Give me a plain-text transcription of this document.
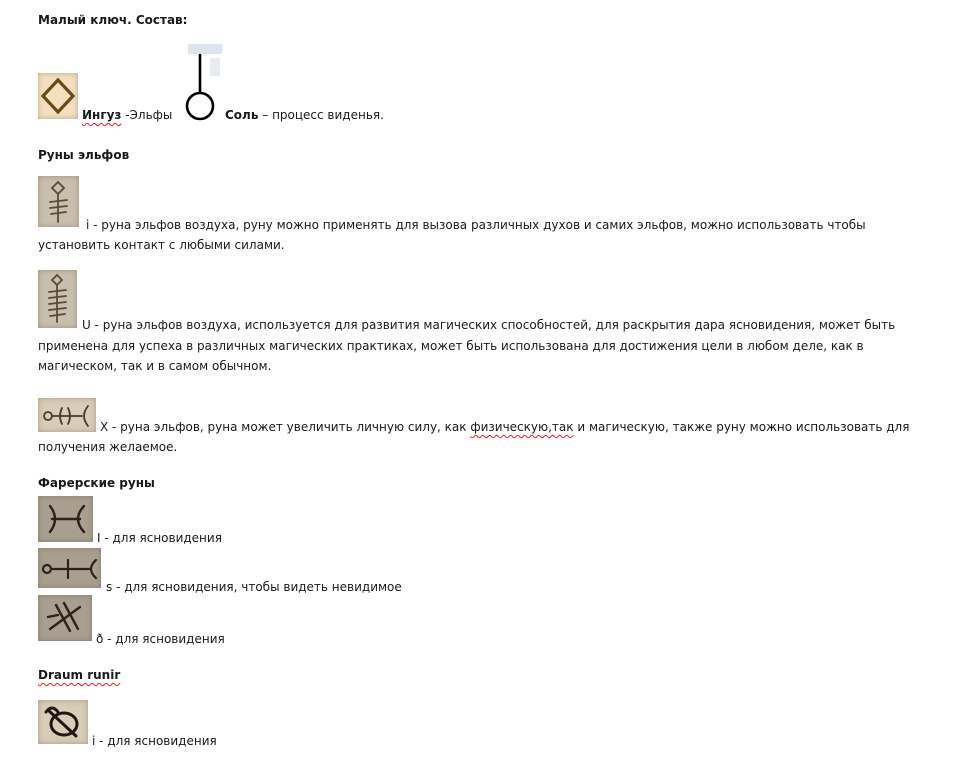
Малый ключ. Состав:
Ингуз -Эльфы	Соль – процесс виденья.
Руны эльфов
i - руна эльфов воздуха, руну можно применять для вызова различных духов и самих эльфов, можно использовать чтобы
установить контакт с любыми силами.
U - руна эльфов воздуха, используется для развития магических способностей, для раскрытия дара ясновидения, может быть
применена для успеха в различных магических практиках, может быть использована для достижения цели в любом деле, как в
магическом, так и в самом обычном.
X - руна эльфов, руна может увеличить личную силу, как физическую,так и магическую, также руну можно использовать для
получения желаемое.
Фарерские руны
I - для ясновидения
s - для ясновидения, чтобы видеть невидимое
ð - для ясновидения
Draum runir
i - для ясновидения
